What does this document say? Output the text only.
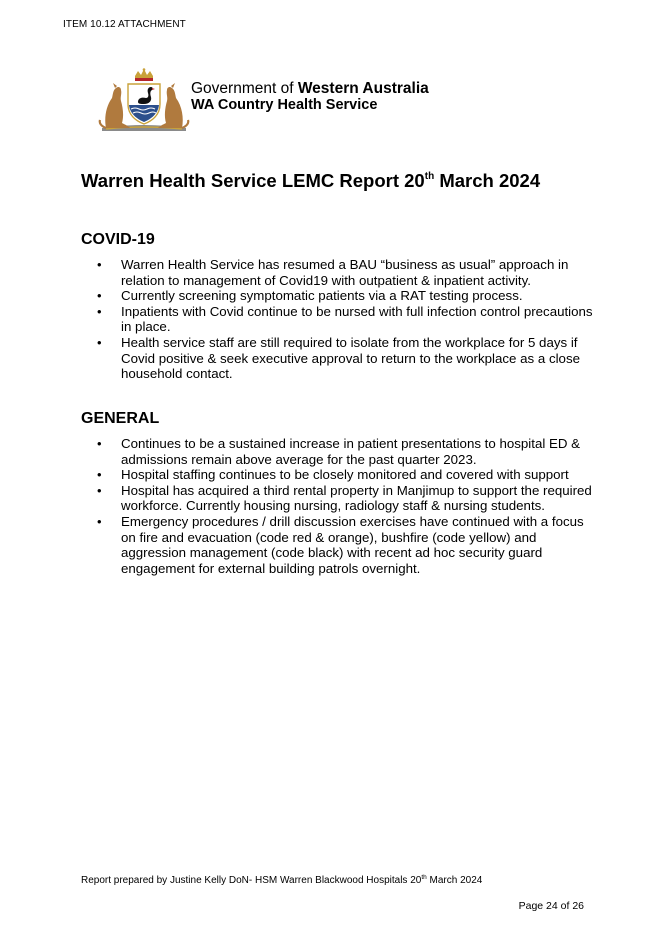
ITEM 10.12 ATTACHMENT
Government of Western Australia
WA Country Health Service
Warren Health Service LEMC Report 20th March 2024
COVID-19
• Warren Health Service has resumed a BAU “business as usual” approach in relation to management of Covid19 with outpatient & inpatient activity.
• Currently screening symptomatic patients via a RAT testing process.
• Inpatients with Covid continue to be nursed with full infection control precautions in place.
• Health service staff are still required to isolate from the workplace for 5 days if Covid positive & seek executive approval to return to the workplace as a close household contact.
GENERAL
• Continues to be a sustained increase in patient presentations to hospital ED & admissions remain above average for the past quarter 2023.
• Hospital staffing continues to be closely monitored and covered with support
• Hospital has acquired a third rental property in Manjimup to support the required workforce. Currently housing nursing, radiology staff & nursing students.
• Emergency procedures / drill discussion exercises have continued with a focus on fire and evacuation (code red & orange), bushfire (code yellow) and aggression management (code black) with recent ad hoc security guard engagement for external building patrols overnight.
Report prepared by Justine Kelly DoN- HSM Warren Blackwood Hospitals 20th March 2024
Page 24 of 26
